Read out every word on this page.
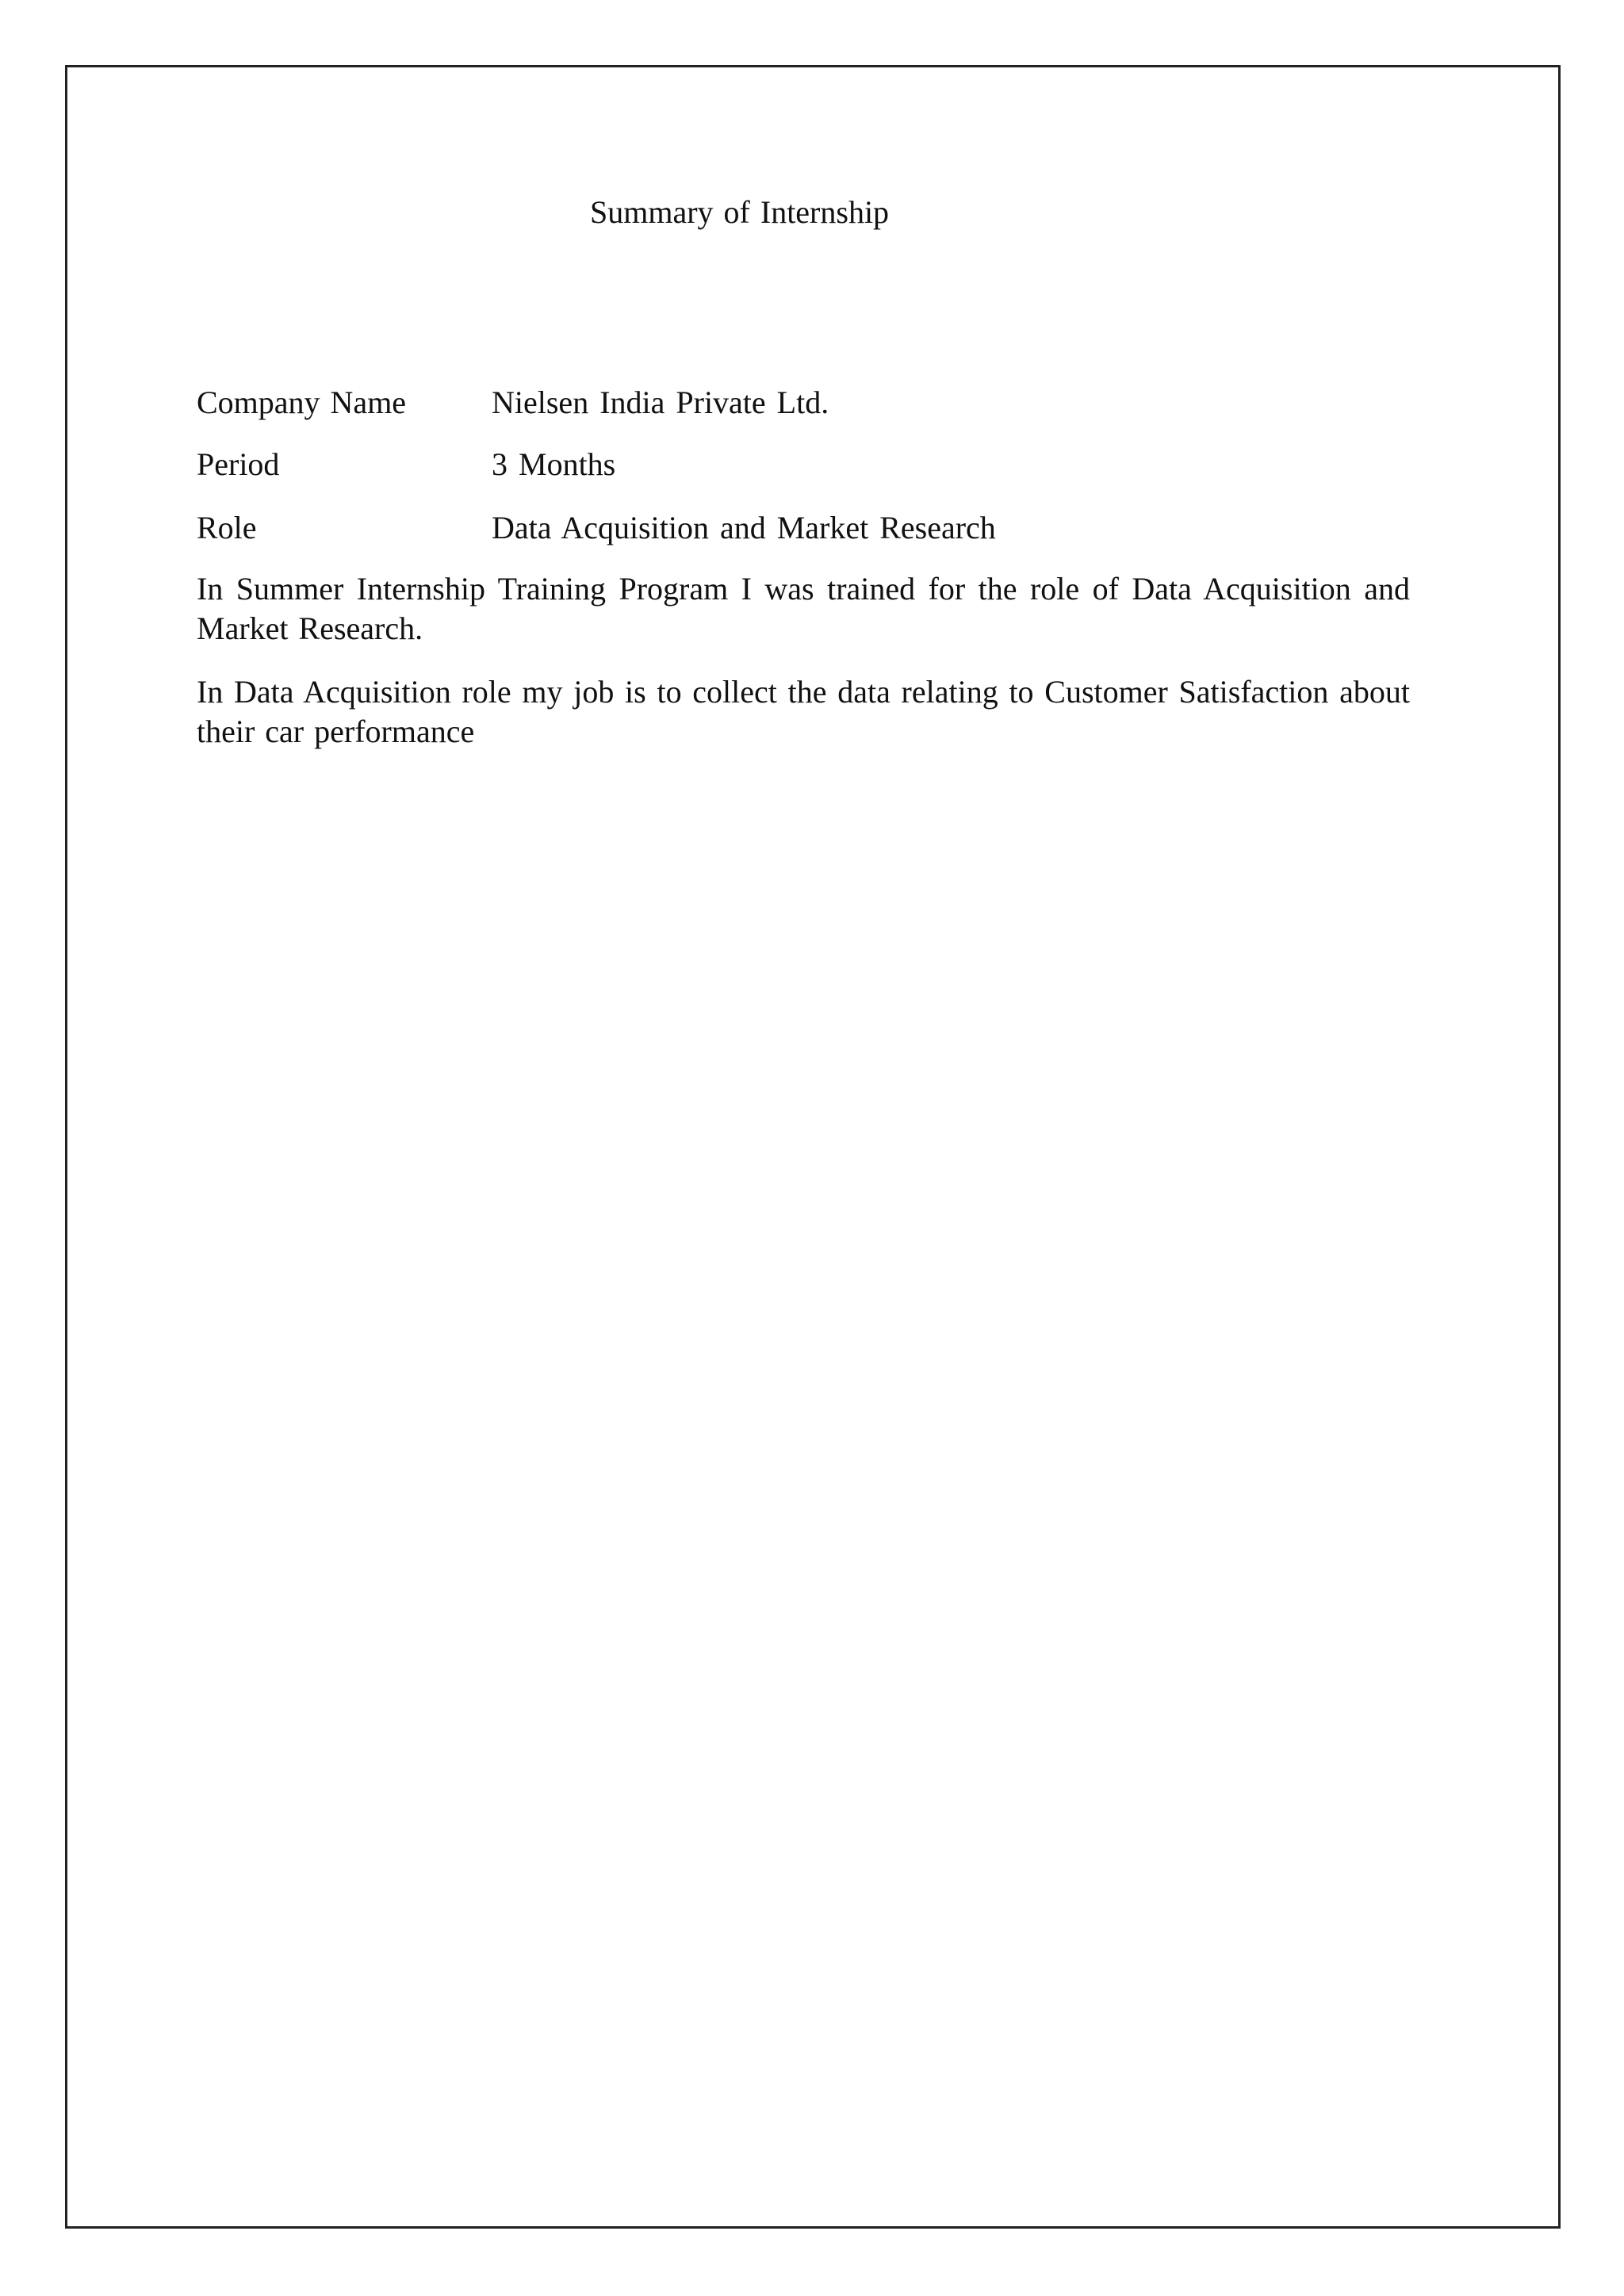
Summary of Internship
Company Name	Nielsen India Private Ltd.
Period	3 Months
Role	Data Acquisition and Market Research

In Summer Internship Training Program I was trained for the role of Data Acquisition and Market Research.

In Data Acquisition role my job is to collect the data relating to Customer Satisfaction about their car performance
